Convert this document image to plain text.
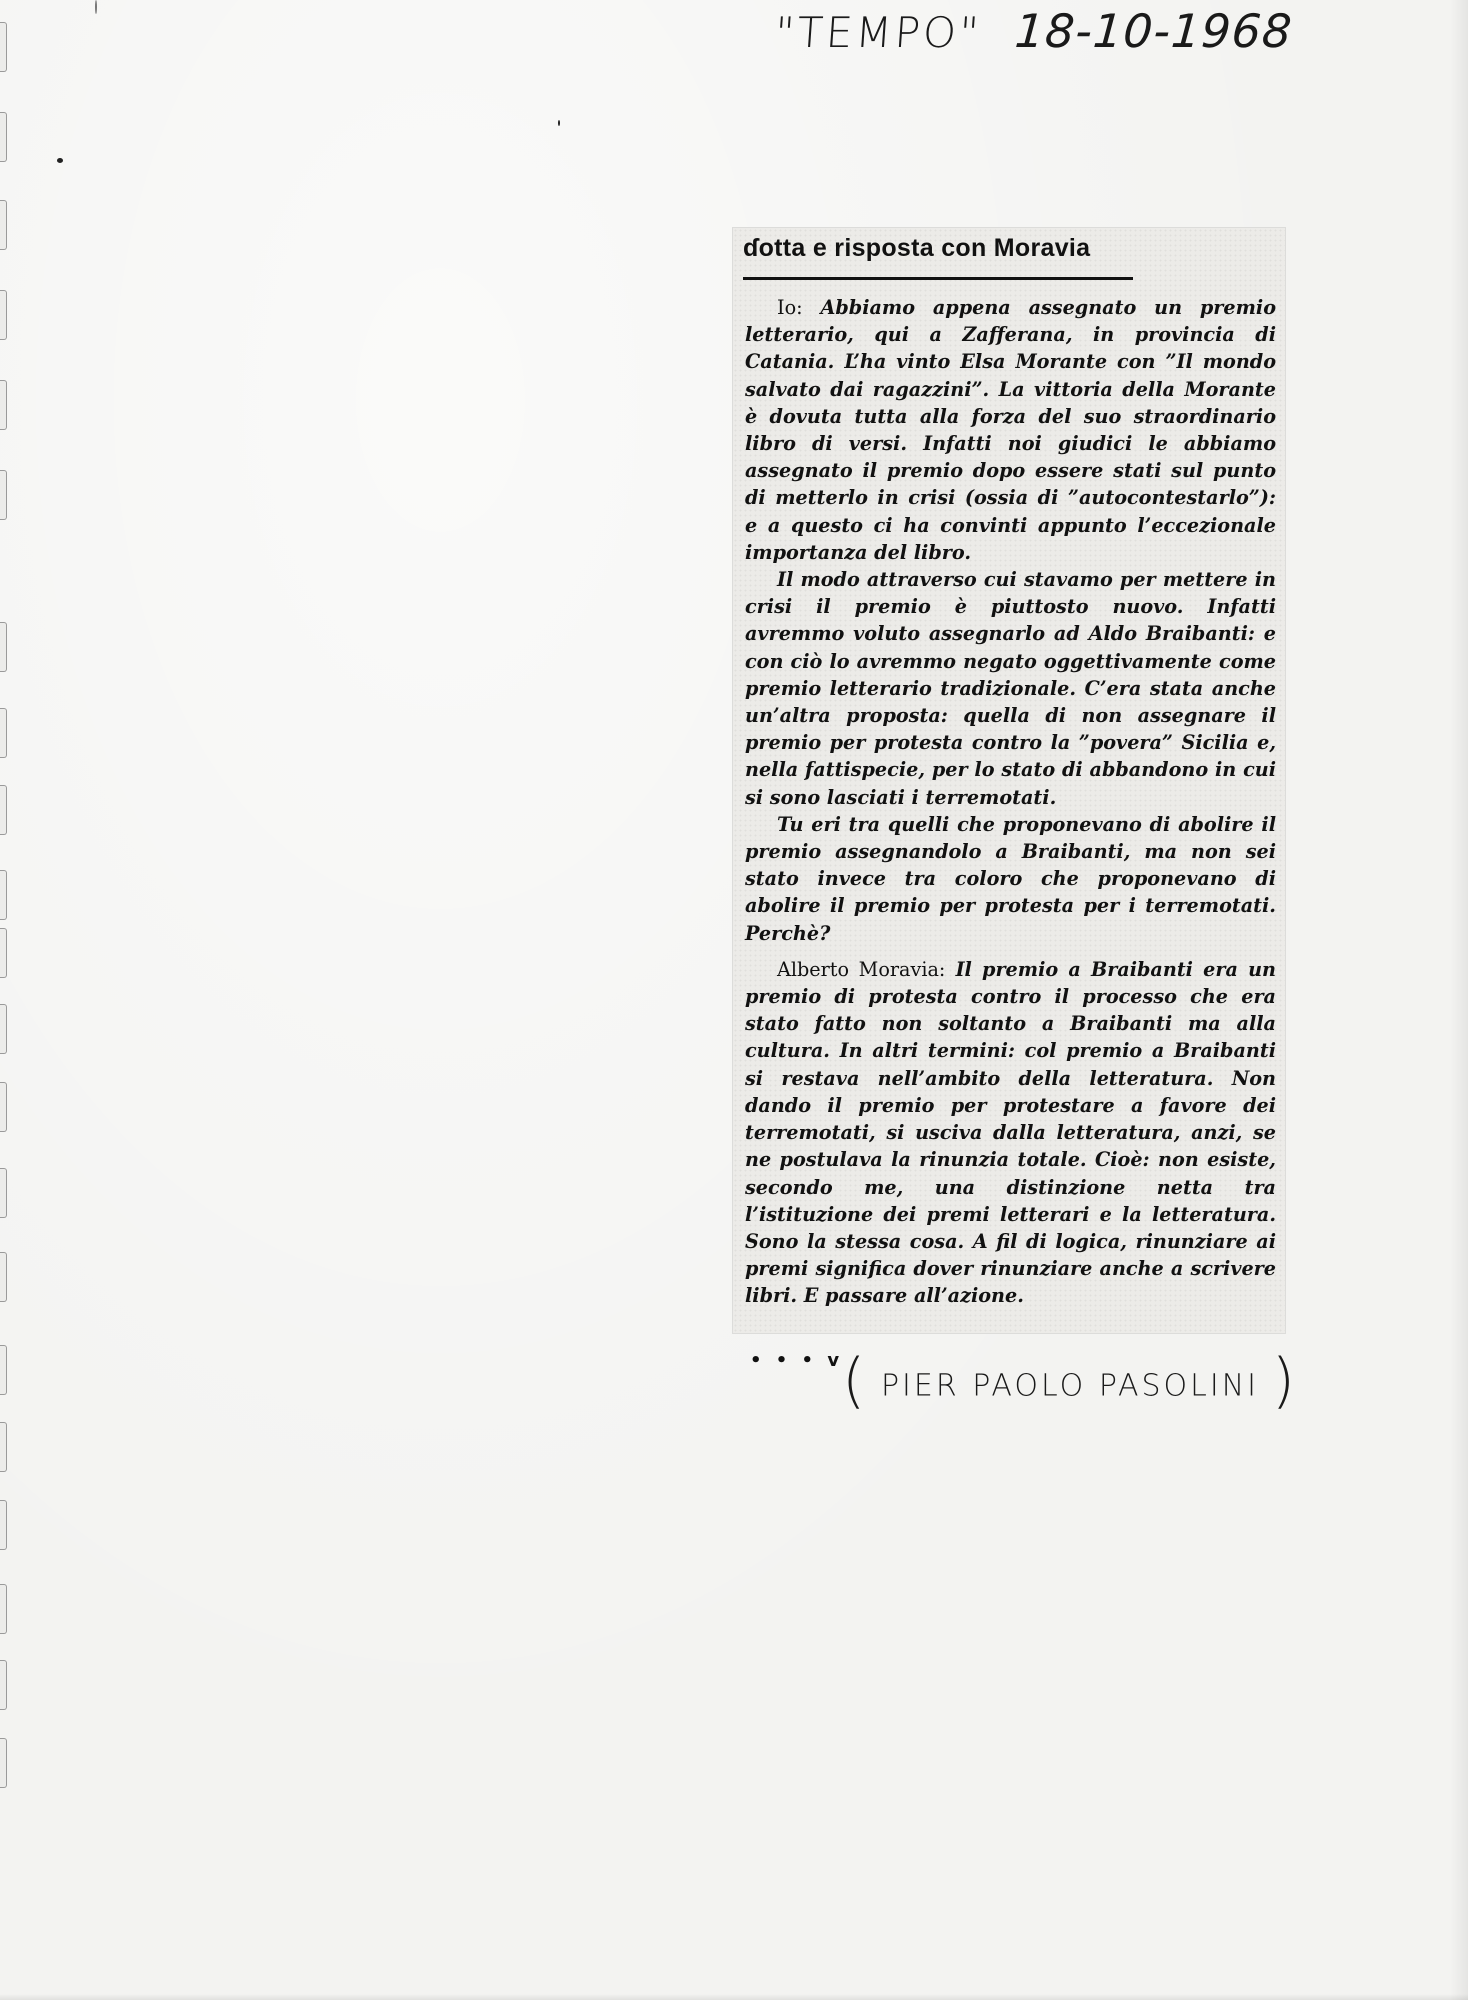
"TEMPO" 18-10-1968
ɗotta e risposta con Moravia

Io: Abbiamo appena assegnato un premio letterario, qui a Zafferana, in provincia di Catania. L’ha vinto Elsa Morante con ”Il mondo salvato dai ragazzini”. La vittoria della Morante è dovuta tutta alla forza del suo straordinario libro di versi. Infatti noi giudici le abbiamo assegnato il premio dopo essere stati sul punto di metterlo in crisi (ossia di ”autocontestarlo”): e a questo ci ha convinti appunto l’eccezionale importanza del libro.

Il modo attraverso cui stavamo per mettere in crisi il premio è piuttosto nuovo. Infatti avremmo voluto assegnarlo ad Aldo Braibanti: e con ciò lo avremmo negato oggettivamente come premio letterario tradizionale. C’era stata anche un’altra proposta: quella di non assegnare il premio per protesta contro la ”povera” Sicilia e, nella fattispecie, per lo stato di abbandono in cui si sono lasciati i terremotati.

Tu eri tra quelli che proponevano di abolire il premio assegnandolo a Braibanti, ma non sei stato invece tra coloro che proponevano di abolire il premio per protesta per i terremotati. Perchè?

Alberto Moravia: Il premio a Braibanti era un premio di protesta contro il processo che era stato fatto non soltanto a Braibanti ma alla cultura. In altri termini: col premio a Braibanti si restava nell’ambito della letteratura. Non dando il premio per protestare a favore dei terremotati, si usciva dalla letteratura, anzi, se ne postulava la rinunzia totale. Cioè: non esiste, secondo me, una distinzione netta tra l’istituzione dei premi letterari e la letteratura. Sono la stessa cosa. A fil di logica, rinunziare ai premi significa dover rinunziare anche a scrivere libri. E passare all’azione.

• • • v
( PIER PAOLO PASOLINI )
